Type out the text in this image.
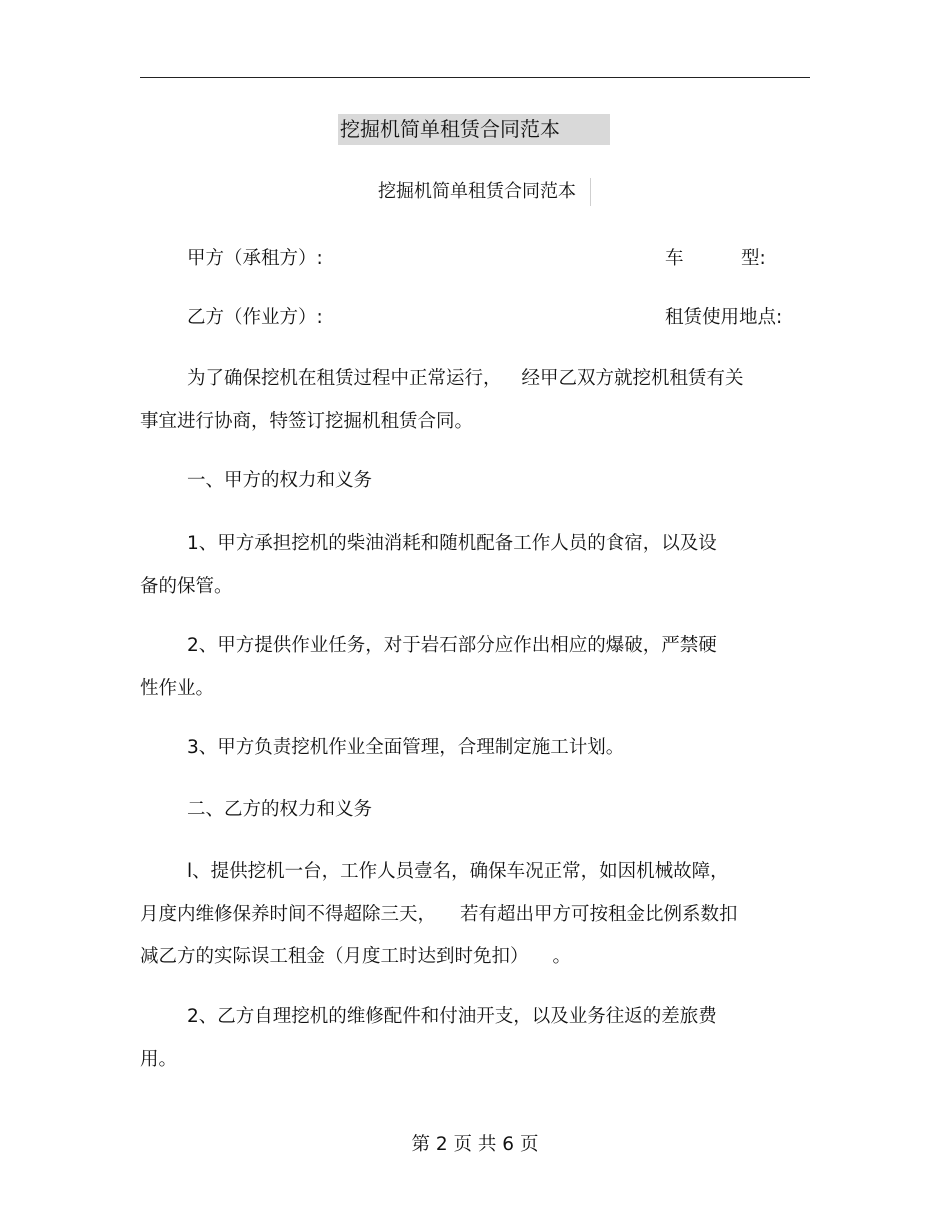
挖掘机简单租赁合同范本
挖掘机简单租赁合同范本
甲方（承租方）:	车	型:
乙方（作业方）:	租赁使用地点:
为了确保挖机在租赁过程中正常运行， 经甲乙双方就挖机租赁有关
事宜进行协商，特签订挖掘机租赁合同。
一、甲方的权力和义务
1、甲方承担挖机的柴油消耗和随机配备工作人员的食宿，以及设
备的保管。
2、甲方提供作业任务，对于岩石部分应作出相应的爆破，严禁硬
性作业。
3、甲方负责挖机作业全面管理，合理制定施工计划。
二、乙方的权力和义务
l、提供挖机一台，工作人员壹名，确保车况正常，如因机械故障，
月度内维修保养时间不得超除三天， 若有超出甲方可按租金比例系数扣
减乙方的实际误工租金（月度工时达到时免扣） 。
2、乙方自理挖机的维修配件和付油开支，以及业务往返的差旅费
用。
第 2 页 共 6 页
